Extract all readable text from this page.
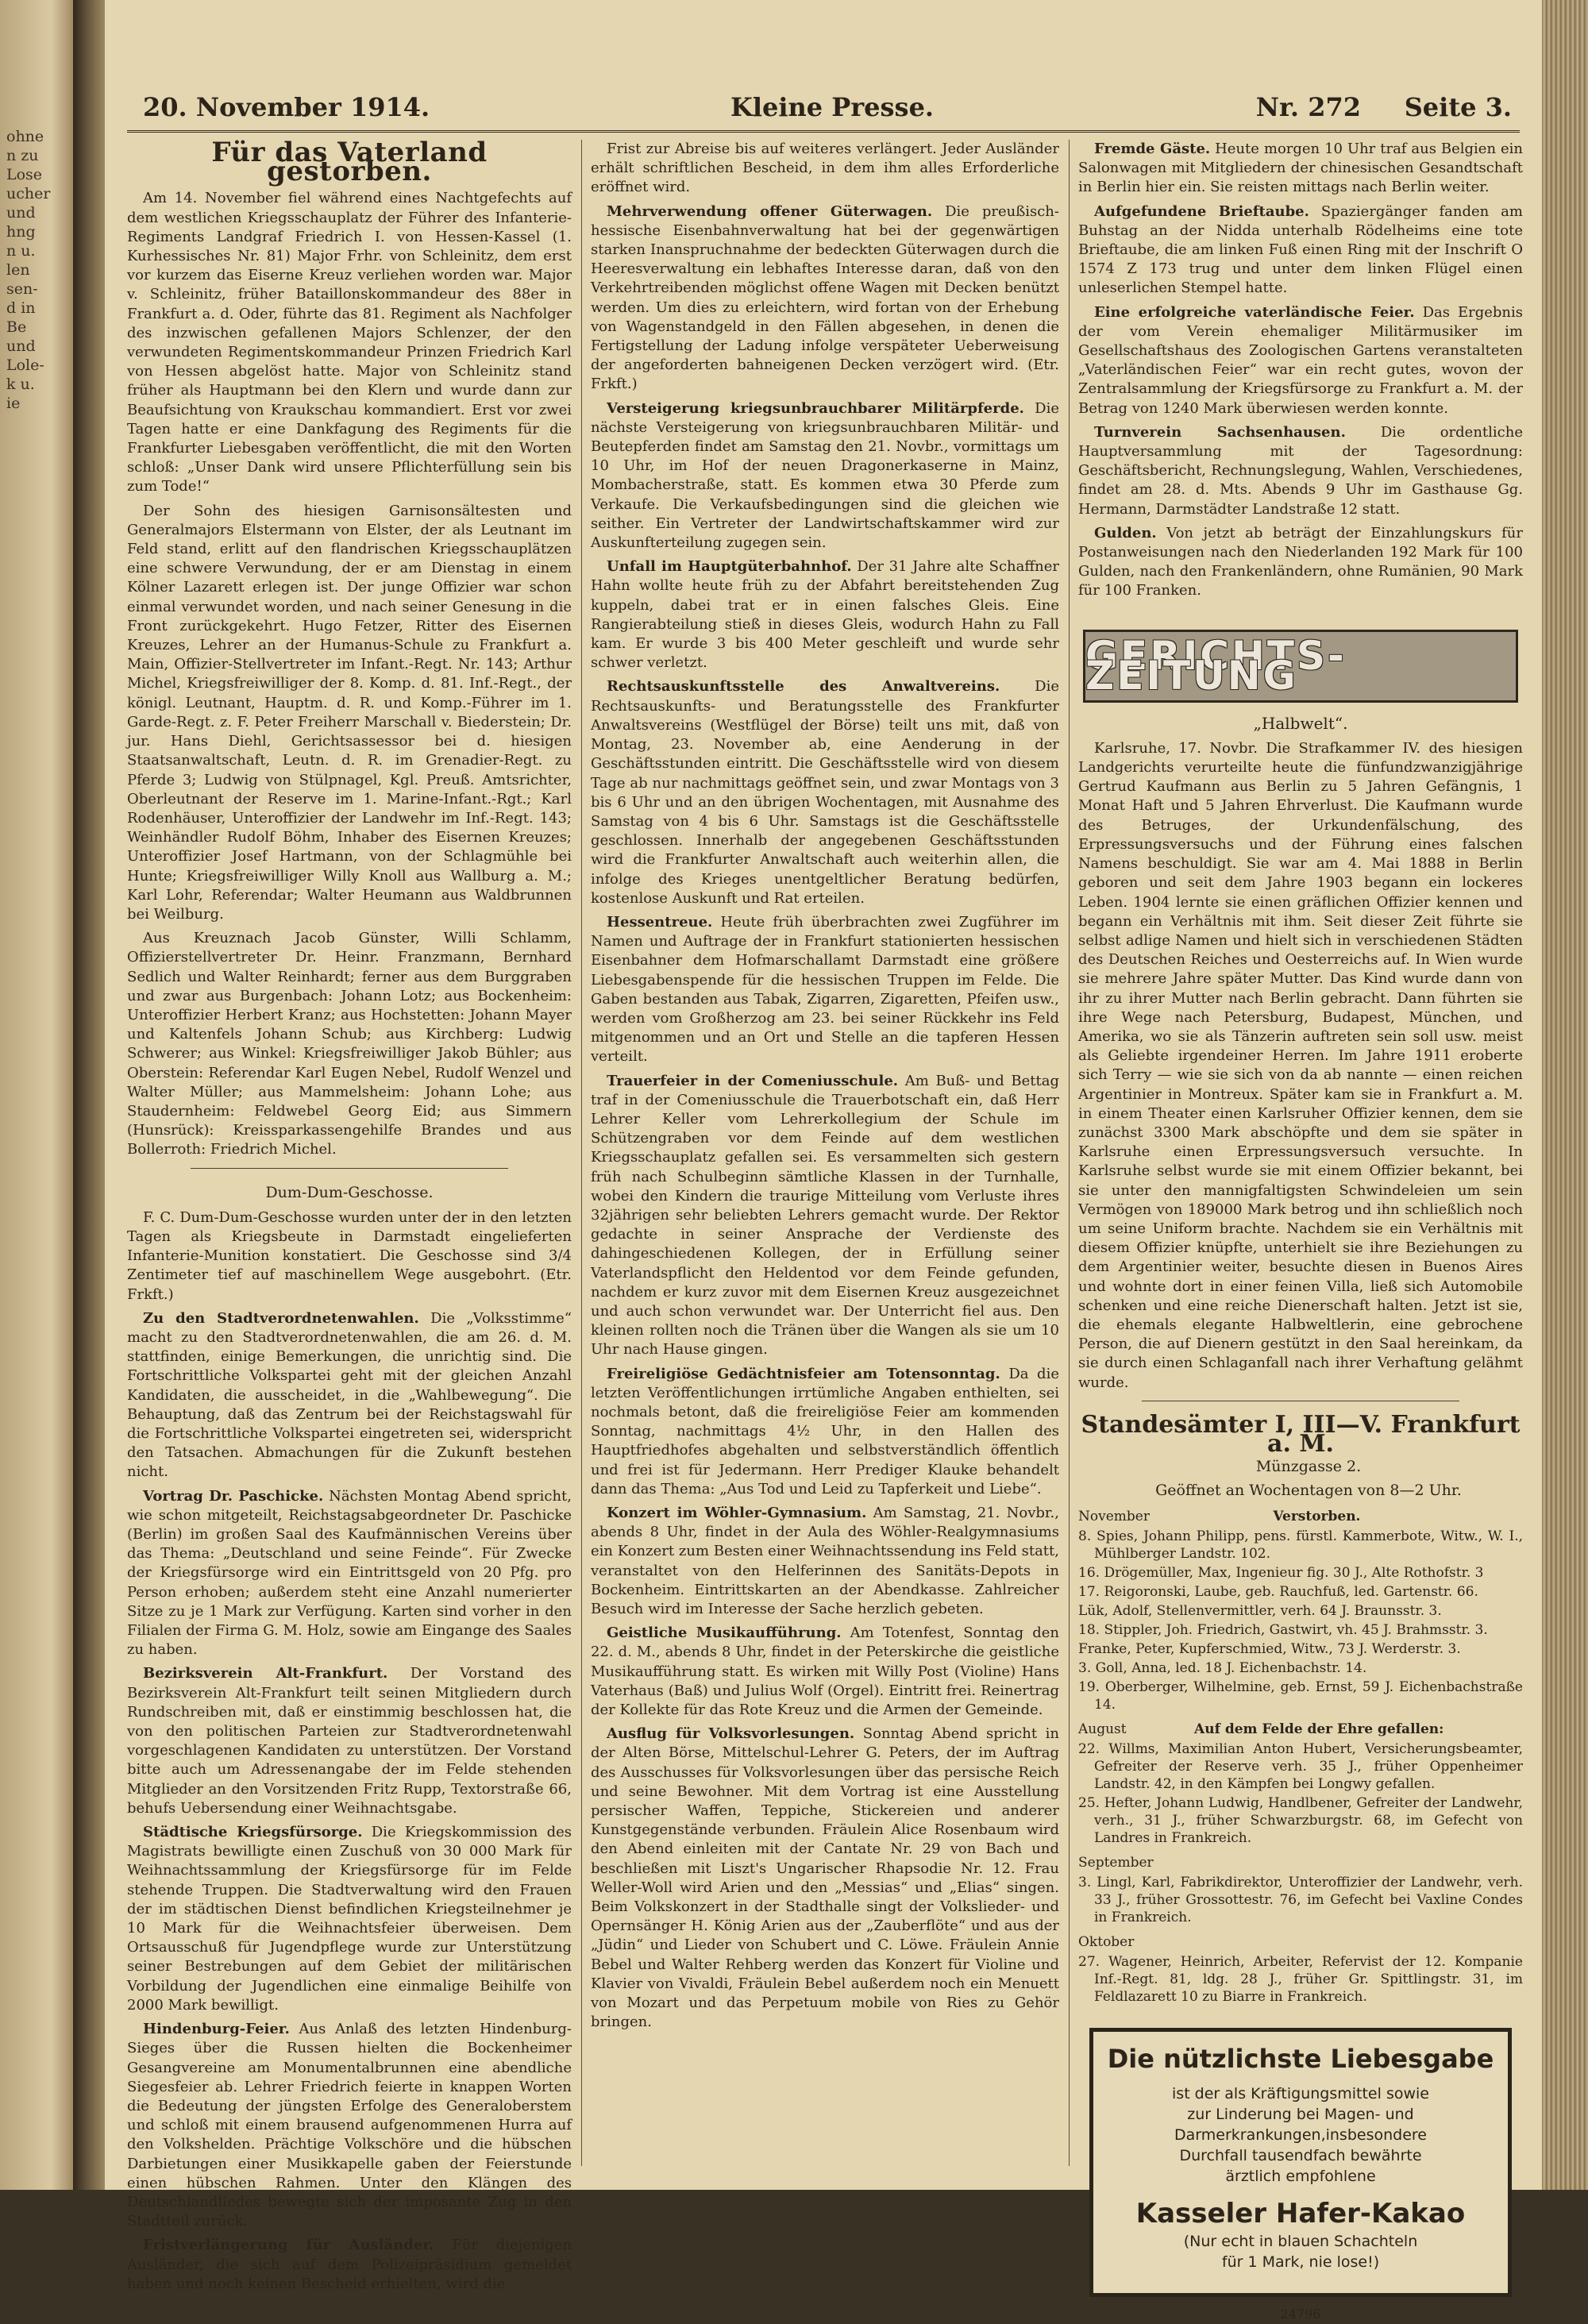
ohne
n zu
Lose
ucher
und
hng
n u.
len
sen-
d in
Be
und
Lole-
k u.
ie
20. November 1914.	Kleine Presse.	Nr. 272 Seite 3.
Für das Vaterland gestorben.

Am 14. November fiel während eines Nachtgefechts auf dem westlichen Kriegsschauplatz der Führer des Infanterie-Regiments Landgraf Friedrich I. von Hessen-Kassel (1. Kurhessisches Nr. 81) Major Frhr. von Schleinitz, dem erst vor kurzem das Eiserne Kreuz verliehen worden war. Major v. Schleinitz, früher Bataillonskommandeur des 88er in Frankfurt a. d. Oder, führte das 81. Regiment als Nachfolger des inzwischen gefallenen Majors Schlenzer, der den verwundeten Regimentskommandeur Prinzen Friedrich Karl von Hessen abgelöst hatte. Major von Schleinitz stand früher als Hauptmann bei den Klern und wurde dann zur Beaufsichtung von Kraukschau kommandiert. Erst vor zwei Tagen hatte er eine Dankfagung des Regiments für die Frankfurter Liebesgaben veröffentlicht, die mit den Worten schloß: „Unser Dank wird unsere Pflichterfüllung sein bis zum Tode!“

Der Sohn des hiesigen Garnisonsältesten und Generalmajors Elstermann von Elster, der als Leutnant im Feld stand, erlitt auf den flandrischen Kriegsschauplätzen eine schwere Verwundung, der er am Dienstag in einem Kölner Lazarett erlegen ist. Der junge Offizier war schon einmal verwundet worden, und nach seiner Genesung in die Front zurückgekehrt. Hugo Fetzer, Ritter des Eisernen Kreuzes, Lehrer an der Humanus-Schule zu Frankfurt a. Main, Offizier-Stellvertreter im Infant.-Regt. Nr. 143; Arthur Michel, Kriegsfreiwilliger der 8. Komp. d. 81. Inf.-Regt., der königl. Leutnant, Hauptm. d. R. und Komp.-Führer im 1. Garde-Regt. z. F. Peter Freiherr Marschall v. Biederstein; Dr. jur. Hans Diehl, Gerichtsassessor bei d. hiesigen Staatsanwaltschaft, Leutn. d. R. im Grenadier-Regt. zu Pferde 3; Ludwig von Stülpnagel, Kgl. Preuß. Amtsrichter, Oberleutnant der Reserve im 1. Marine-Infant.-Rgt.; Karl Rodenhäuser, Unteroffizier der Landwehr im Inf.-Regt. 143; Weinhändler Rudolf Böhm, Inhaber des Eisernen Kreuzes; Unteroffizier Josef Hartmann, von der Schlagmühle bei Hunte; Kriegsfreiwilliger Willy Knoll aus Wallburg a. M.; Karl Lohr, Referendar; Walter Heumann aus Waldbrunnen bei Weilburg.

Aus Kreuznach Jacob Günster, Willi Schlamm, Offizierstellvertreter Dr. Heinr. Franzmann, Bernhard Sedlich und Walter Reinhardt; ferner aus dem Burggraben und zwar aus Burgenbach: Johann Lotz; aus Bockenheim: Unteroffizier Herbert Kranz; aus Hochstetten: Johann Mayer und Kaltenfels Johann Schub; aus Kirchberg: Ludwig Schwerer; aus Winkel: Kriegsfreiwilliger Jakob Bühler; aus Oberstein: Referendar Karl Eugen Nebel, Rudolf Wenzel und Walter Müller; aus Mammelsheim: Johann Lohe; aus Staudernheim: Feldwebel Georg Eid; aus Simmern (Hunsrück): Kreissparkassengehilfe Brandes und aus Bollerroth: Friedrich Michel.

Dum-Dum-Geschosse.

F. C. Dum-Dum-Geschosse wurden unter der in den letzten Tagen als Kriegsbeute in Darmstadt eingelieferten Infanterie-Munition konstatiert. Die Geschosse sind 3/4 Zentimeter tief auf maschinellem Wege ausgebohrt. (Etr. Frkft.)

Zu den Stadtverordnetenwahlen. Die „Volksstimme“ macht zu den Stadtverordnetenwahlen, die am 26. d. M. stattfinden, einige Bemerkungen, die unrichtig sind. Die Fortschrittliche Volkspartei geht mit der gleichen Anzahl Kandidaten, die ausscheidet, in die „Wahlbewegung“. Die Behauptung, daß das Zentrum bei der Reichstagswahl für die Fortschrittliche Volkspartei eingetreten sei, widerspricht den Tatsachen. Abmachungen für die Zukunft bestehen nicht.

Vortrag Dr. Paschicke. Nächsten Montag Abend spricht, wie schon mitgeteilt, Reichstagsabgeordneter Dr. Paschicke (Berlin) im großen Saal des Kaufmännischen Vereins über das Thema: „Deutschland und seine Feinde“. Für Zwecke der Kriegsfürsorge wird ein Eintrittsgeld von 20 Pfg. pro Person erhoben; außerdem steht eine Anzahl numerierter Sitze zu je 1 Mark zur Verfügung. Karten sind vorher in den Filialen der Firma G. M. Holz, sowie am Eingange des Saales zu haben.

Bezirksverein Alt-Frankfurt. Der Vorstand des Bezirksverein Alt-Frankfurt teilt seinen Mitgliedern durch Rundschreiben mit, daß er einstimmig beschlossen hat, die von den politischen Parteien zur Stadtverordnetenwahl vorgeschlagenen Kandidaten zu unterstützen. Der Vorstand bitte auch um Adressenangabe der im Felde stehenden Mitglieder an den Vorsitzenden Fritz Rupp, Textorstraße 66, behufs Uebersendung einer Weihnachtsgabe.

Städtische Kriegsfürsorge. Die Kriegskommission des Magistrats bewilligte einen Zuschuß von 30 000 Mark für Weihnachtssammlung der Kriegsfürsorge für im Felde stehende Truppen. Die Stadtverwaltung wird den Frauen der im städtischen Dienst befindlichen Kriegsteilnehmer je 10 Mark für die Weihnachtsfeier überweisen. Dem Ortsausschuß für Jugendpflege wurde zur Unterstützung seiner Bestrebungen auf dem Gebiet der militärischen Vorbildung der Jugendlichen eine einmalige Beihilfe von 2000 Mark bewilligt.

Hindenburg-Feier. Aus Anlaß des letzten Hindenburg-Sieges über die Russen hielten die Bockenheimer Gesangvereine am Monumentalbrunnen eine abendliche Siegesfeier ab. Lehrer Friedrich feierte in knappen Worten die Bedeutung der jüngsten Erfolge des Generaloberstem und schloß mit einem brausend aufgenommenen Hurra auf den Volkshelden. Prächtige Volkschöre und die hübschen Darbietungen einer Musikkapelle gaben der Feierstunde einen hübschen Rahmen. Unter den Klängen des Deutschlandliedes bewegte sich der imposante Zug in den Stadtteil zurück.

Fristverlängerung für Ausländer. Für diejenigen Ausländer, die sich auf dem Polizeipräsidium gemeldet haben und noch keinen Bescheid erhielten, wird die

Frist zur Abreise bis auf weiteres verlängert. Jeder Ausländer erhält schriftlichen Bescheid, in dem ihm alles Erforderliche eröffnet wird.

Mehrverwendung offener Güterwagen. Die preußisch-hessische Eisenbahnverwaltung hat bei der gegenwärtigen starken Inanspruchnahme der bedeckten Güterwagen durch die Heeresverwaltung ein lebhaftes Interesse daran, daß von den Verkehrtreibenden möglichst offene Wagen mit Decken benützt werden. Um dies zu erleichtern, wird fortan von der Erhebung von Wagenstandgeld in den Fällen abgesehen, in denen die Fertigstellung der Ladung infolge verspäteter Ueberweisung der angeforderten bahneigenen Decken verzögert wird. (Etr. Frkft.)

Versteigerung kriegsunbrauchbarer Militärpferde. Die nächste Versteigerung von kriegsunbrauchbaren Militär- und Beutepferden findet am Samstag den 21. Novbr., vormittags um 10 Uhr, im Hof der neuen Dragonerkaserne in Mainz, Mombacherstraße, statt. Es kommen etwa 30 Pferde zum Verkaufe. Die Verkaufsbedingungen sind die gleichen wie seither. Ein Vertreter der Landwirtschaftskammer wird zur Auskunfterteilung zugegen sein.

Unfall im Hauptgüterbahnhof. Der 31 Jahre alte Schaffner Hahn wollte heute früh zu der Abfahrt bereitstehenden Zug kuppeln, dabei trat er in einen falsches Gleis. Eine Rangierabteilung stieß in dieses Gleis, wodurch Hahn zu Fall kam. Er wurde 3 bis 400 Meter geschleift und wurde sehr schwer verletzt.

Rechtsauskunftsstelle des Anwaltvereins. Die Rechtsauskunfts- und Beratungsstelle des Frankfurter Anwaltsvereins (Westflügel der Börse) teilt uns mit, daß von Montag, 23. November ab, eine Aenderung in der Geschäftsstunden eintritt. Die Geschäftsstelle wird von diesem Tage ab nur nachmittags geöffnet sein, und zwar Montags von 3 bis 6 Uhr und an den übrigen Wochentagen, mit Ausnahme des Samstag von 4 bis 6 Uhr. Samstags ist die Geschäftsstelle geschlossen. Innerhalb der angegebenen Geschäftsstunden wird die Frankfurter Anwaltschaft auch weiterhin allen, die infolge des Krieges unentgeltlicher Beratung bedürfen, kostenlose Auskunft und Rat erteilen.

Hessentreue. Heute früh überbrachten zwei Zugführer im Namen und Auftrage der in Frankfurt stationierten hessischen Eisenbahner dem Hofmarschallamt Darmstadt eine größere Liebesgabenspende für die hessischen Truppen im Felde. Die Gaben bestanden aus Tabak, Zigarren, Zigaretten, Pfeifen usw., werden vom Großherzog am 23. bei seiner Rückkehr ins Feld mitgenommen und an Ort und Stelle an die tapferen Hessen verteilt.

Trauerfeier in der Comeniusschule. Am Buß- und Bettag traf in der Comeniusschule die Trauerbotschaft ein, daß Herr Lehrer Keller vom Lehrerkollegium der Schule im Schützengraben vor dem Feinde auf dem westlichen Kriegsschauplatz gefallen sei. Es versammelten sich gestern früh nach Schulbeginn sämtliche Klassen in der Turnhalle, wobei den Kindern die traurige Mitteilung vom Verluste ihres 32jährigen sehr beliebten Lehrers gemacht wurde. Der Rektor gedachte in seiner Ansprache der Verdienste des dahingeschiedenen Kollegen, der in Erfüllung seiner Vaterlandspflicht den Heldentod vor dem Feinde gefunden, nachdem er kurz zuvor mit dem Eisernen Kreuz ausgezeichnet und auch schon verwundet war. Der Unterricht fiel aus. Den kleinen rollten noch die Tränen über die Wangen als sie um 10 Uhr nach Hause gingen.

Freireligiöse Gedächtnisfeier am Totensonntag. Da die letzten Veröffentlichungen irrtümliche Angaben enthielten, sei nochmals betont, daß die freireligiöse Feier am kommenden Sonntag, nachmittags 4½ Uhr, in den Hallen des Hauptfriedhofes abgehalten und selbstverständlich öffentlich und frei ist für Jedermann. Herr Prediger Klauke behandelt dann das Thema: „Aus Tod und Leid zu Tapferkeit und Liebe“.

Konzert im Wöhler-Gymnasium. Am Samstag, 21. Novbr., abends 8 Uhr, findet in der Aula des Wöhler-Realgymnasiums ein Konzert zum Besten einer Weihnachtssendung ins Feld statt, veranstaltet von den Helferinnen des Sanitäts-Depots in Bockenheim. Eintrittskarten an der Abendkasse. Zahlreicher Besuch wird im Interesse der Sache herzlich gebeten.

Geistliche Musikaufführung. Am Totenfest, Sonntag den 22. d. M., abends 8 Uhr, findet in der Peterskirche die geistliche Musikaufführung statt. Es wirken mit Willy Post (Violine) Hans Vaterhaus (Baß) und Julius Wolf (Orgel). Eintritt frei. Reinertrag der Kollekte für das Rote Kreuz und die Armen der Gemeinde.

Ausflug für Volksvorlesungen. Sonntag Abend spricht in der Alten Börse, Mittelschul-Lehrer G. Peters, der im Auftrag des Ausschusses für Volksvorlesungen über das persische Reich und seine Bewohner. Mit dem Vortrag ist eine Ausstellung persischer Waffen, Teppiche, Stickereien und anderer Kunstgegenstände verbunden. Fräulein Alice Rosenbaum wird den Abend einleiten mit der Cantate Nr. 29 von Bach und beschließen mit Liszt's Ungarischer Rhapsodie Nr. 12. Frau Weller-Woll wird Arien und den „Messias“ und „Elias“ singen. Beim Volkskonzert in der Stadthalle singt der Volkslieder- und Opernsänger H. König Arien aus der „Zauberflöte“ und aus der „Jüdin“ und Lieder von Schubert und C. Löwe. Fräulein Annie Bebel und Walter Rehberg werden das Konzert für Violine und Klavier von Vivaldi, Fräulein Bebel außerdem noch ein Menuett von Mozart und das Perpetuum mobile von Ries zu Gehör bringen.

Fremde Gäste. Heute morgen 10 Uhr traf aus Belgien ein Salonwagen mit Mitgliedern der chinesischen Gesandtschaft in Berlin hier ein. Sie reisten mittags nach Berlin weiter.

Aufgefundene Brieftaube. Spaziergänger fanden am Buhstag an der Nidda unterhalb Rödelheims eine tote Brieftaube, die am linken Fuß einen Ring mit der Inschrift O 1574 Z 173 trug und unter dem linken Flügel einen unleserlichen Stempel hatte.

Eine erfolgreiche vaterländische Feier. Das Ergebnis der vom Verein ehemaliger Militärmusiker im Gesellschaftshaus des Zoologischen Gartens veranstalteten „Vaterländischen Feier“ war ein recht gutes, wovon der Zentralsammlung der Kriegsfürsorge zu Frankfurt a. M. der Betrag von 1240 Mark überwiesen werden konnte.

Turnverein Sachsenhausen. Die ordentliche Hauptversammlung mit der Tagesordnung: Geschäftsbericht, Rechnungslegung, Wahlen, Verschiedenes, findet am 28. d. Mts. Abends 9 Uhr im Gasthause Gg. Hermann, Darmstädter Landstraße 12 statt.

Gulden. Von jetzt ab beträgt der Einzahlungskurs für Postanweisungen nach den Niederlanden 192 Mark für 100 Gulden, nach den Frankenländern, ohne Rumänien, 90 Mark für 100 Franken.

GERICHTS-ZEITUNG
„Halbwelt“.

Karlsruhe, 17. Novbr. Die Strafkammer IV. des hiesigen Landgerichts verurteilte heute die fünfundzwanzigjährige Gertrud Kaufmann aus Berlin zu 5 Jahren Gefängnis, 1 Monat Haft und 5 Jahren Ehrverlust. Die Kaufmann wurde des Betruges, der Urkundenfälschung, des Erpressungsversuchs und der Führung eines falschen Namens beschuldigt. Sie war am 4. Mai 1888 in Berlin geboren und seit dem Jahre 1903 begann ein lockeres Leben. 1904 lernte sie einen gräflichen Offizier kennen und begann ein Verhältnis mit ihm. Seit dieser Zeit führte sie selbst adlige Namen und hielt sich in verschiedenen Städten des Deutschen Reiches und Oesterreichs auf. In Wien wurde sie mehrere Jahre später Mutter. Das Kind wurde dann von ihr zu ihrer Mutter nach Berlin gebracht. Dann führten sie ihre Wege nach Petersburg, Budapest, München, und Amerika, wo sie als Tänzerin auftreten sein soll usw. meist als Geliebte irgendeiner Herren. Im Jahre 1911 eroberte sich Terry — wie sie sich von da ab nannte — einen reichen Argentinier in Montreux. Später kam sie in Frankfurt a. M. in einem Theater einen Karlsruher Offizier kennen, dem sie zunächst 3300 Mark abschöpfte und dem sie später in Karlsruhe einen Erpressungsversuch versuchte. In Karlsruhe selbst wurde sie mit einem Offizier bekannt, bei sie unter den mannigfaltigsten Schwindeleien um sein Vermögen von 189000 Mark betrog und ihn schließlich noch um seine Uniform brachte. Nachdem sie ein Verhältnis mit diesem Offizier knüpfte, unterhielt sie ihre Beziehungen zu dem Argentinier weiter, besuchte diesen in Buenos Aires und wohnte dort in einer feinen Villa, ließ sich Automobile schenken und eine reiche Dienerschaft halten. Jetzt ist sie, die ehemals elegante Halbweltlerin, eine gebrochene Person, die auf Dienern gestützt in den Saal hereinkam, da sie durch einen Schlaganfall nach ihrer Verhaftung gelähmt wurde.

Standesämter I, III—V. Frankfurt a. M.

Münzgasse 2.

Geöffnet an Wochentagen von 8—2 Uhr.

November	Verstorben.
8. Spies, Johann Philipp, pens. fürstl. Kammerbote, Witw., W. I., Mühlberger Landstr. 102.
16. Drögemüller, Max, Ingenieur fig. 30 J., Alte Rothofstr. 3
17. Reigoronski, Laube, geb. Rauchfuß, led. Gartenstr. 66.
Lük, Adolf, Stellenvermittler, verh. 64 J. Braunsstr. 3.
18. Stippler, Joh. Friedrich, Gastwirt, vh. 45 J. Brahmsstr. 3.
Franke, Peter, Kupferschmied, Witw., 73 J. Werderstr. 3.
3. Goll, Anna, led. 18 J. Eichenbachstr. 14.
19. Oberberger, Wilhelmine, geb. Ernst, 59 J. Eichenbachstraße 14.
August	Auf dem Felde der Ehre gefallen:
22. Willms, Maximilian Anton Hubert, Versicherungsbeamter, Gefreiter der Reserve verh. 35 J., früher Oppenheimer Landstr. 42, in den Kämpfen bei Longwy gefallen.
25. Hefter, Johann Ludwig, Handlbener, Gefreiter der Landwehr, verh., 31 J., früher Schwarzburgstr. 68, im Gefecht von Landres in Frankreich.
September
3. Lingl, Karl, Fabrikdirektor, Unteroffizier der Landwehr, verh. 33 J., früher Grossottestr. 76, im Gefecht bei Vaxline Condes in Frankreich.
Oktober
27. Wagener, Heinrich, Arbeiter, Refervist der 12. Kompanie Inf.-Regt. 81, ldg. 28 J., früher Gr. Spittlingstr. 31, im Feldlazarett 10 zu Biarre in Frankreich.
Die nützlichste Liebesgabe
ist der als Kräftigungsmittel sowie
zur Linderung bei Magen- und
Darmerkrankungen,insbesondere
Durchfall tausendfach bewährte
ärztlich empfohlene
Kasseler Hafer-Kakao
(Nur echt in blauen Schachteln
für 1 Mark, nie lose!)
24796
